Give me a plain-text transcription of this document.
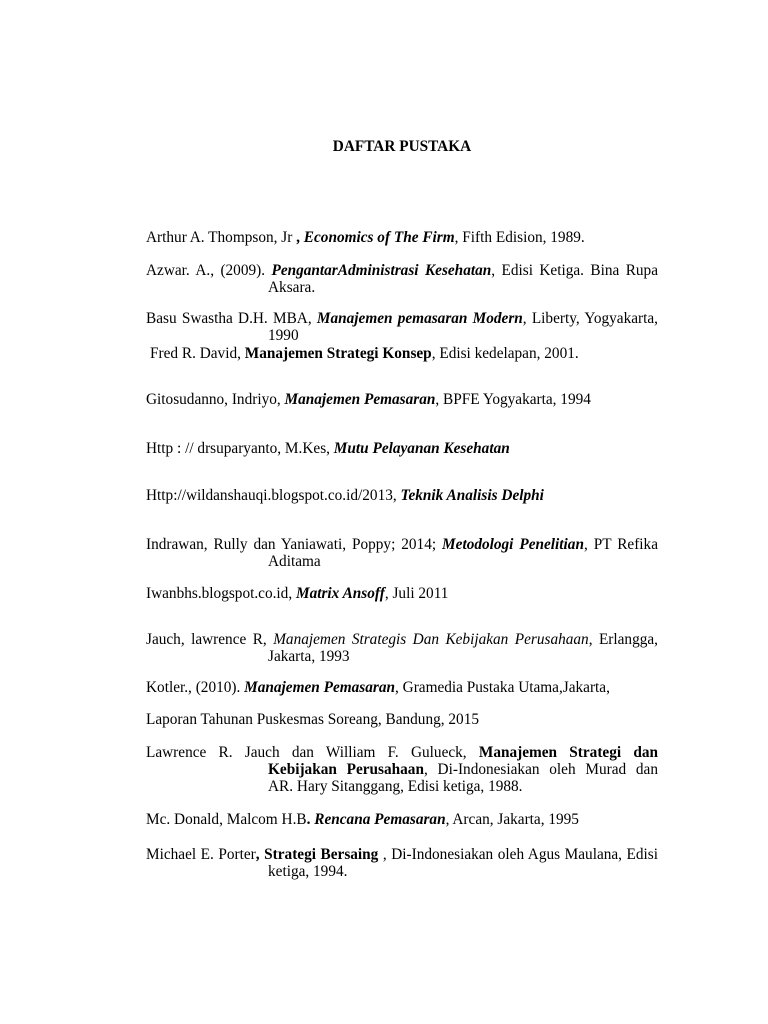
DAFTAR PUSTAKA
Arthur A. Thompson, Jr , Economics of The Firm, Fifth Edision, 1989.
Azwar. A., (2009). PengantarAdministrasi Kesehatan, Edisi Ketiga. Bina Rupa
Aksara.
Basu Swastha D.H. MBA, Manajemen pemasaran Modern, Liberty, Yogyakarta,
1990
Fred R. David, Manajemen Strategi Konsep, Edisi kedelapan, 2001.
Gitosudanno, Indriyo, Manajemen Pemasaran, BPFE Yogyakarta, 1994
Http : // drsuparyanto, M.Kes, Mutu Pelayanan Kesehatan
Http://wildanshauqi.blogspot.co.id/2013, Teknik Analisis Delphi
Indrawan, Rully dan Yaniawati, Poppy; 2014; Metodologi Penelitian, PT Refika
Aditama
Iwanbhs.blogspot.co.id, Matrix Ansoff, Juli 2011
Jauch, lawrence R, Manajemen Strategis Dan Kebijakan Perusahaan, Erlangga,
Jakarta, 1993
Kotler., (2010). Manajemen Pemasaran, Gramedia Pustaka Utama,Jakarta,
Laporan Tahunan Puskesmas Soreang, Bandung, 2015
Lawrence R. Jauch dan William F. Gulueck, Manajemen Strategi dan
Kebijakan Perusahaan, Di-Indonesiakan oleh Murad dan
AR. Hary Sitanggang, Edisi ketiga, 1988.
Mc. Donald, Malcom H.B. Rencana Pemasaran, Arcan, Jakarta, 1995
Michael E. Porter, Strategi Bersaing , Di-Indonesiakan oleh Agus Maulana, Edisi
ketiga, 1994.
